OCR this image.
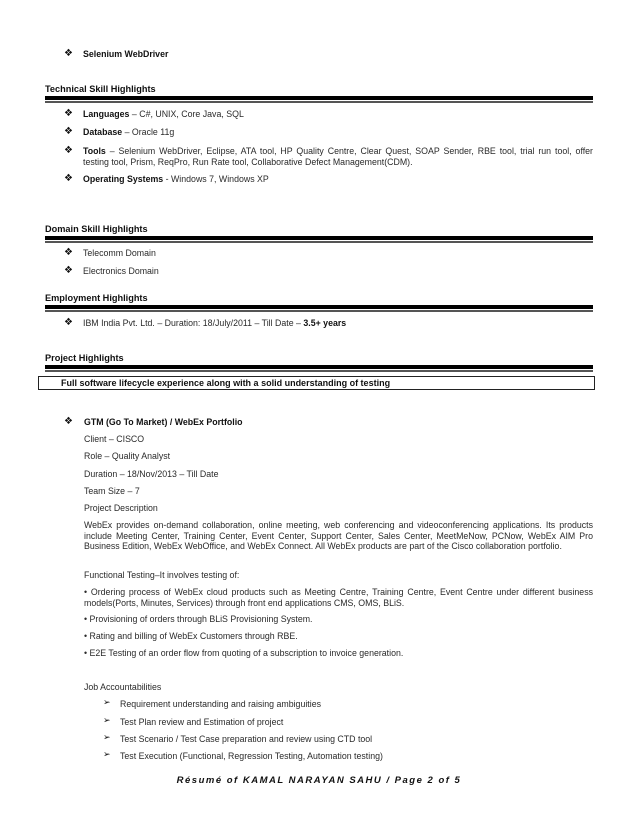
❖ Selenium WebDriver
Technical Skill Highlights
❖ Languages – C#, UNIX, Core Java, SQL
❖ Database – Oracle 11g
❖ Tools – Selenium WebDriver, Eclipse, ATA tool, HP Quality Centre, Clear Quest, SOAP Sender, RBE tool, trial run tool, offer testing tool, Prism, ReqPro, Run Rate tool, Collaborative Defect Management(CDM).
❖ Operating Systems - Windows 7, Windows XP
Domain Skill Highlights
❖ Telecomm Domain
❖ Electronics Domain
Employment Highlights
❖ IBM India Pvt. Ltd. – Duration: 18/July/2011 – Till Date – 3.5+ years
Project Highlights
Full software lifecycle experience along with a solid understanding of testing
❖ GTM (Go To Market) / WebEx Portfolio
Client – CISCO
Role – Quality Analyst
Duration – 18/Nov/2013 – Till Date
Team Size – 7
Project Description
WebEx provides on-demand collaboration, online meeting, web conferencing and videoconferencing applications. Its products include Meeting Center, Training Center, Event Center, Support Center, Sales Center, MeetMeNow, PCNow, WebEx AIM Pro Business Edition, WebEx WebOffice, and WebEx Connect. All WebEx products are part of the Cisco collaboration portfolio.
Functional Testing–It involves testing of:
• Ordering process of WebEx cloud products such as Meeting Centre, Training Centre, Event Centre under different business models(Ports, Minutes, Services) through front end applications CMS, OMS, BLiS.
• Provisioning of orders through BLiS Provisioning System.
• Rating and billing of WebEx Customers through RBE.
• E2E Testing of an order flow from quoting of a subscription to invoice generation.
Job Accountabilities
➢ Requirement understanding and raising ambiguities
➢ Test Plan review and Estimation of project
➢ Test Scenario / Test Case preparation and review using CTD tool
➢ Test Execution (Functional, Regression Testing, Automation testing)
Résumé of KAMAL NARAYAN SAHU / Page 2 of 5
